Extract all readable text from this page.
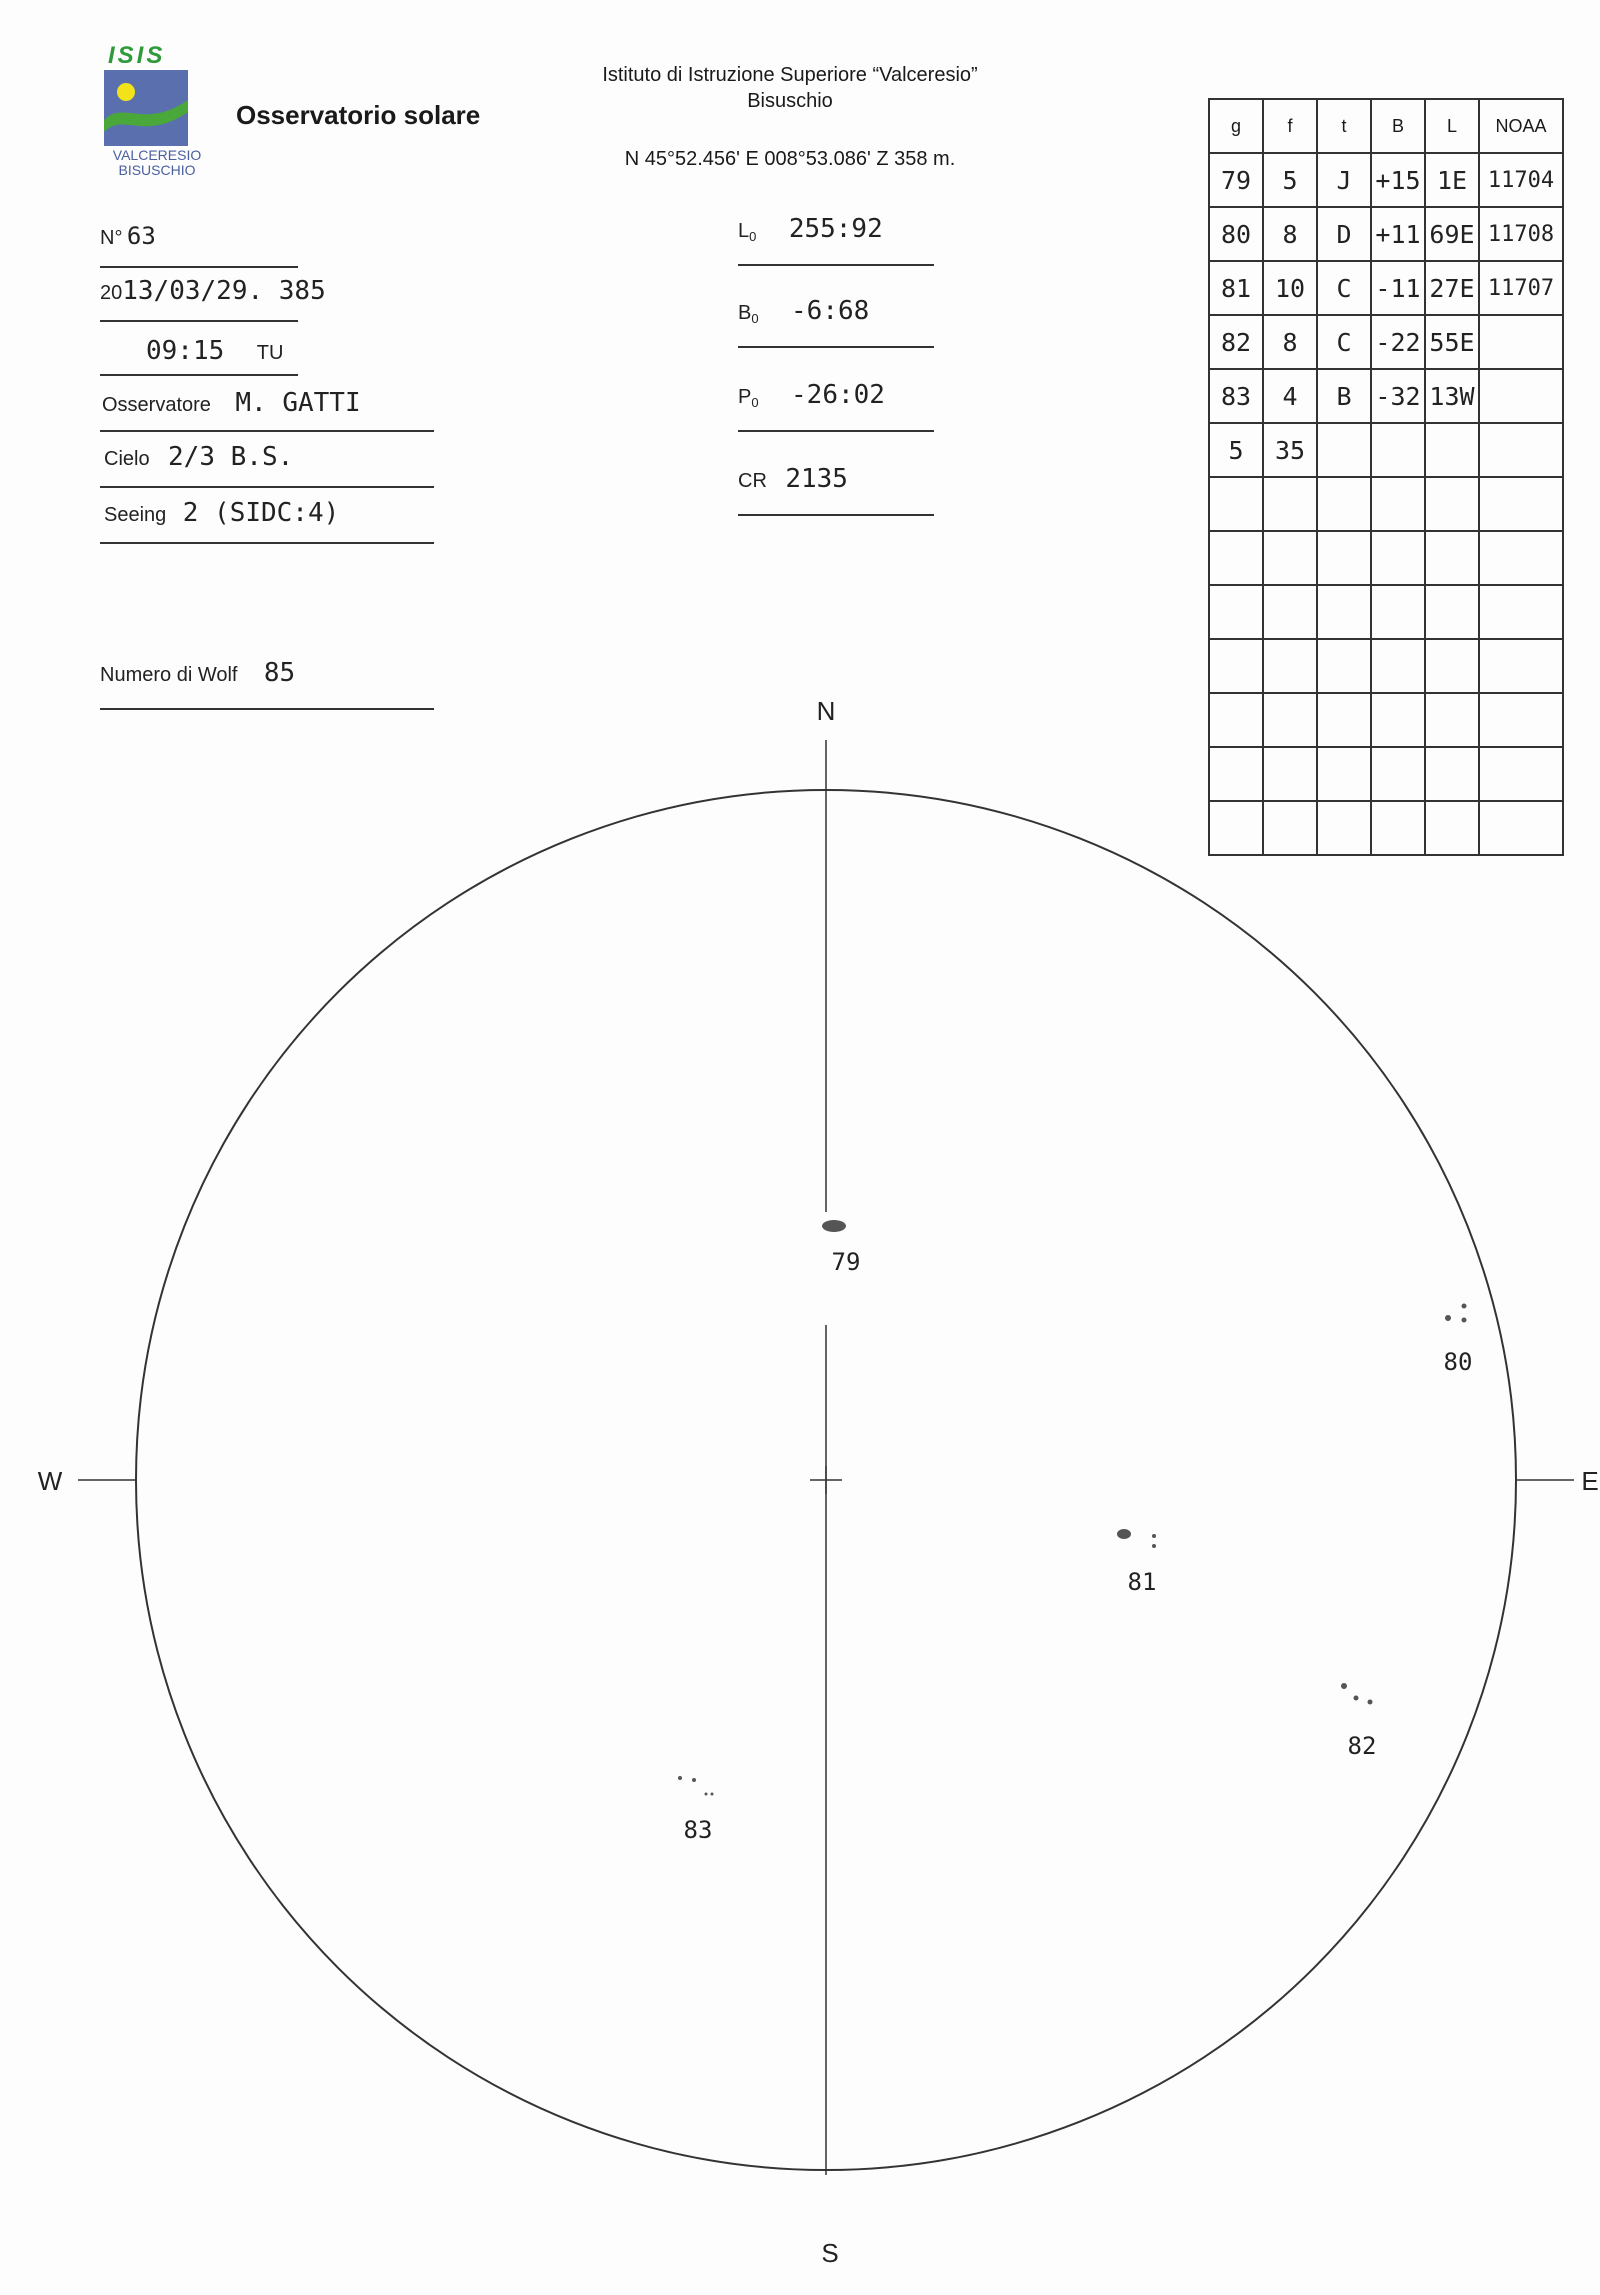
ISIS
VALCERESIO
BISUSCHIO
Osservatorio solare
Istituto di Istruzione Superiore “Valceresio”
Bisuschio
N 45°52.456' E 008°53.086' Z 358 m.
N° 63
2013/03/29. 385
09:15 TU
Osservatore M. GATTI
Cielo 2/3 B.S.
Seeing 2 (SIDC:4)
Numero di Wolf 85
$L_0$ 255:92
$B_0$ -6:68
$P_0$ -26:02
CR 2135
g	f	t	B	L	NOAA
79	5	J	+15	1E	11704
80	8	D	+11	69E	11708
81	10	C	-11	27E	11707
82	8	C	-22	55E	
83	4	B	-32	13W	
5	35				

N
S
W	E
79
80
81
82
83
